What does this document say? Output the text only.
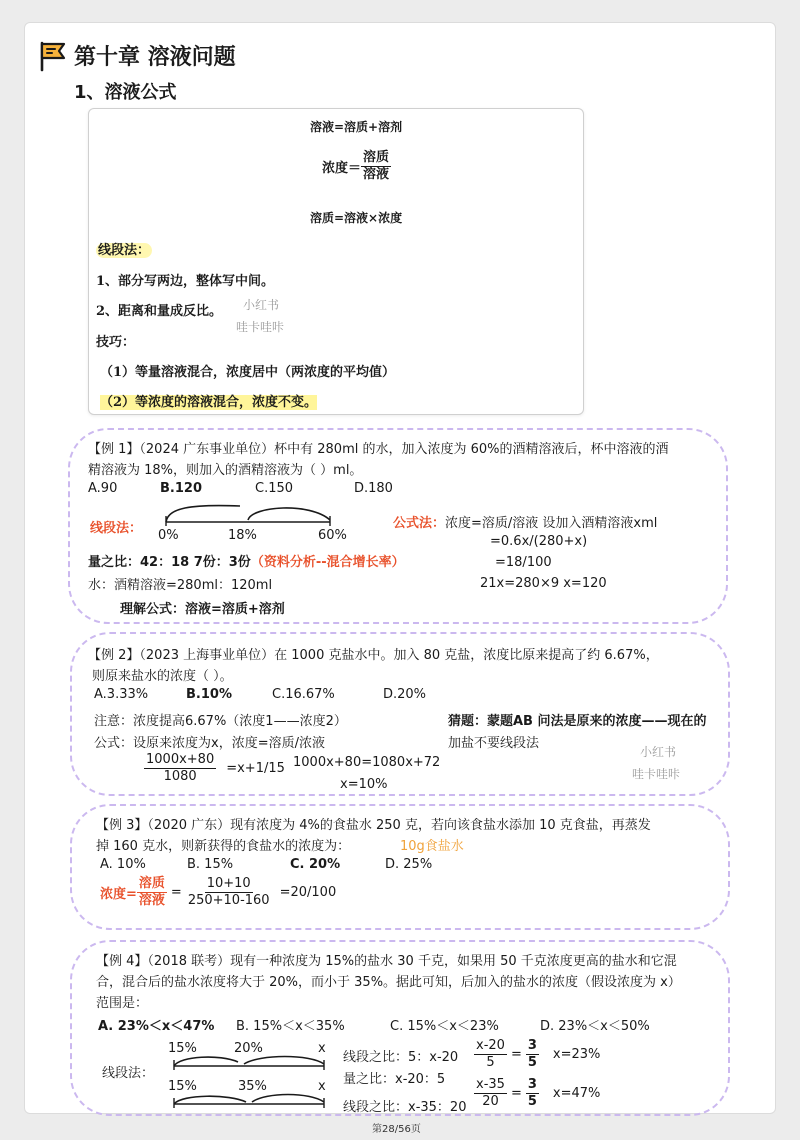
第十章 溶液问题
1、溶液公式
溶液=溶质+溶剂
浓度＝ $\frac{\text{溶质}}{\text{溶液}}$
溶质=溶液×浓度
线段法：
1、部分写两边，整体写中间。
2、距离和量成反比。 小红书
哇卡哇咔
技巧：
（1）等量溶液混合，浓度居中（两浓度的平均值）
（2）等浓度的溶液混合，浓度不变。
【例 1】（2024 广东事业单位）杯中有 280ml 的水，加入浓度为 60%的酒精溶液后，杯中溶液的酒
精溶液为 18%，则加入的酒精溶液为（ ）ml。
A.90	B.120	C.150	D.180
线段法： 0%	18%	60%
量之比：42：18 7份：3份（资料分析--混合增长率）
水：酒精溶液=280ml：120ml
理解公式：溶液=溶质+溶剂
公式法：浓度=溶质/溶液 设加入酒精溶液xml
=0.6x/(280+x)
=18/100
21x=280×9 x=120
【例 2】（2023 上海事业单位）在 1000 克盐水中。加入 80 克盐，浓度比原来提高了约 6.67%，
则原来盐水的浓度（ ）。
A.3.33%	B.10%	C.16.67%	D.20%
注意：浓度提高6.67%（浓度1——浓度2）
公式：设原来浓度为x，浓度=溶质/浓液
$\frac{1000x+80}{1080} =x+1/15$ 1000x+80=1080x+72
x=10%
猜题：蒙题AB 问法是原来的浓度——现在的
加盐不要线段法
小红书
哇卡哇咔
【例 3】（2020 广东）现有浓度为 4%的食盐水 250 克，若向该食盐水添加 10 克食盐，再蒸发
掉 160 克水，则新获得的食盐水的浓度为：	10g食盐水
A. 10%	B. 15%	C. 20%	D. 25%
浓度= $\frac{\text{溶质}}{\text{溶液}} = \frac{10+10}{250+10-160} =20/100$
【例 4】（2018 联考）现有一种浓度为 15%的盐水 30 千克，如果用 50 千克浓度更高的盐水和它混
合，混合后的盐水浓度将大于 20%，而小于 35%。据此可知，后加入的盐水的浓度（假设浓度为 x）
范围是：
A. 23%＜x＜47% B. 15%＜x＜35%	C. 15%＜x＜23%	D. 23%＜x＜50%
线段法：
15%	20%	x
15%	35%	x
线段之比：5：x-20
量之比：x-20：5
线段之比：x-35：20
$\frac{x-20}{5} = \frac{3}{5} x=23\%$
$\frac{x-35}{20} = \frac{3}{5} x=47\%$
第28/56页
